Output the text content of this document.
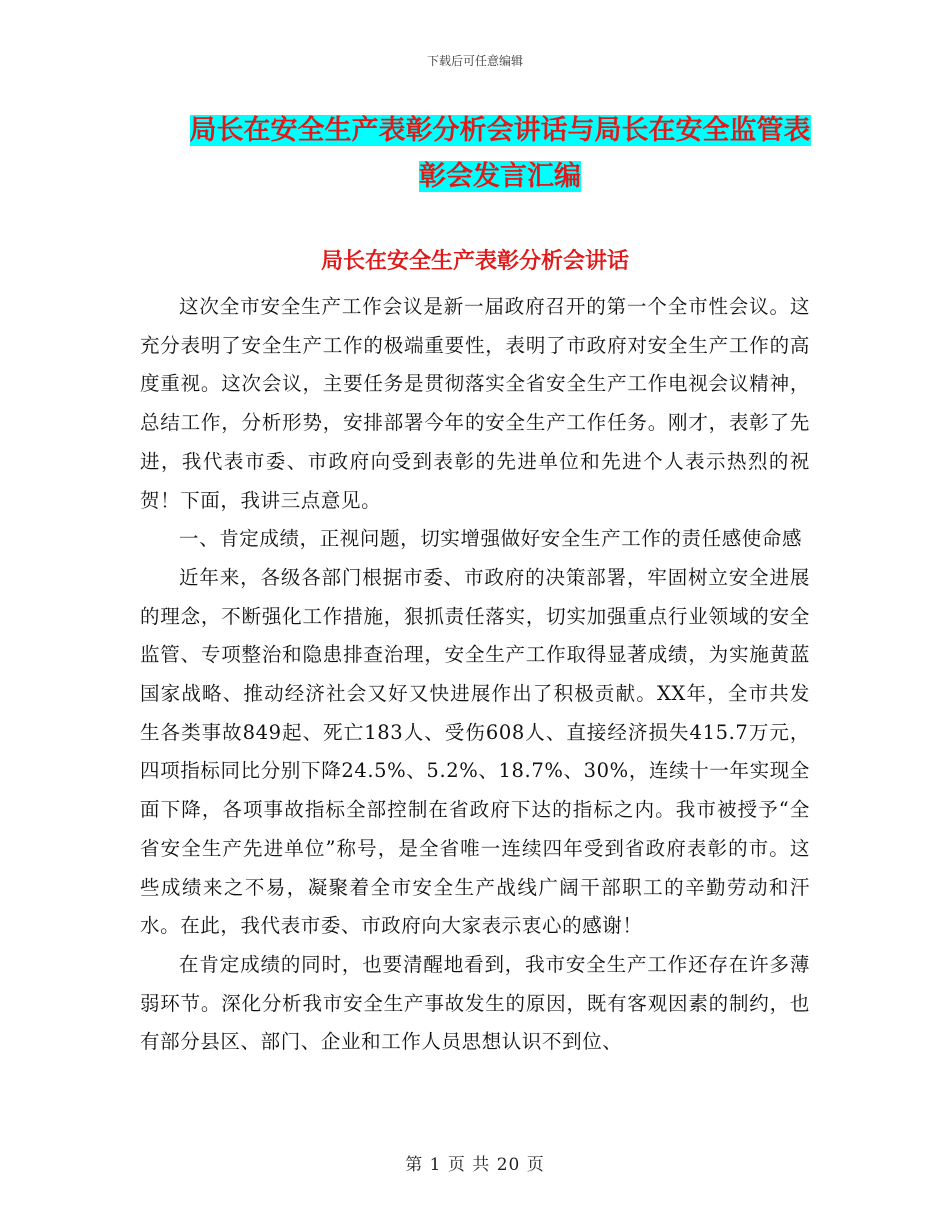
下载后可任意编辑
局长在安全生产表彰分析会讲话与局长在安全监管表
彰会发言汇编
局长在安全生产表彰分析会讲话

这次全市安全生产工作会议是新一届政府召开的第一个全市性会议。这充分表明了安全生产工作的极端重要性，表明了市政府对安全生产工作的高度重视。这次会议，主要任务是贯彻落实全省安全生产工作电视会议精神，总结工作，分析形势，安排部署今年的安全生产工作任务。刚才，表彰了先进，我代表市委、市政府向受到表彰的先进单位和先进个人表示热烈的祝贺！下面，我讲三点意见。

一、肯定成绩，正视问题，切实增强做好安全生产工作的责任感使命感

近年来，各级各部门根据市委、市政府的决策部署，牢固树立安全进展的理念，不断强化工作措施，狠抓责任落实，切实加强重点行业领域的安全监管、专项整治和隐患排查治理，安全生产工作取得显著成绩，为实施黄蓝国家战略、推动经济社会又好又快进展作出了积极贡献。XX年，全市共发生各类事故849起、死亡183人、受伤608人、直接经济损失415.7万元，四项指标同比分别下降24.5%、5.2%、18.7%、30%，连续十一年实现全面下降，各项事故指标全部控制在省政府下达的指标之内。我市被授予“全省安全生产先进单位”称号，是全省唯一连续四年受到省政府表彰的市。这些成绩来之不易，凝聚着全市安全生产战线广阔干部职工的辛勤劳动和汗水。在此，我代表市委、市政府向大家表示衷心的感谢！

在肯定成绩的同时，也要清醒地看到，我市安全生产工作还存在许多薄弱环节。深化分析我市安全生产事故发生的原因，既有客观因素的制约，也有部分县区、部门、企业和工作人员思想认识不到位、

第 1 页 共 20 页
